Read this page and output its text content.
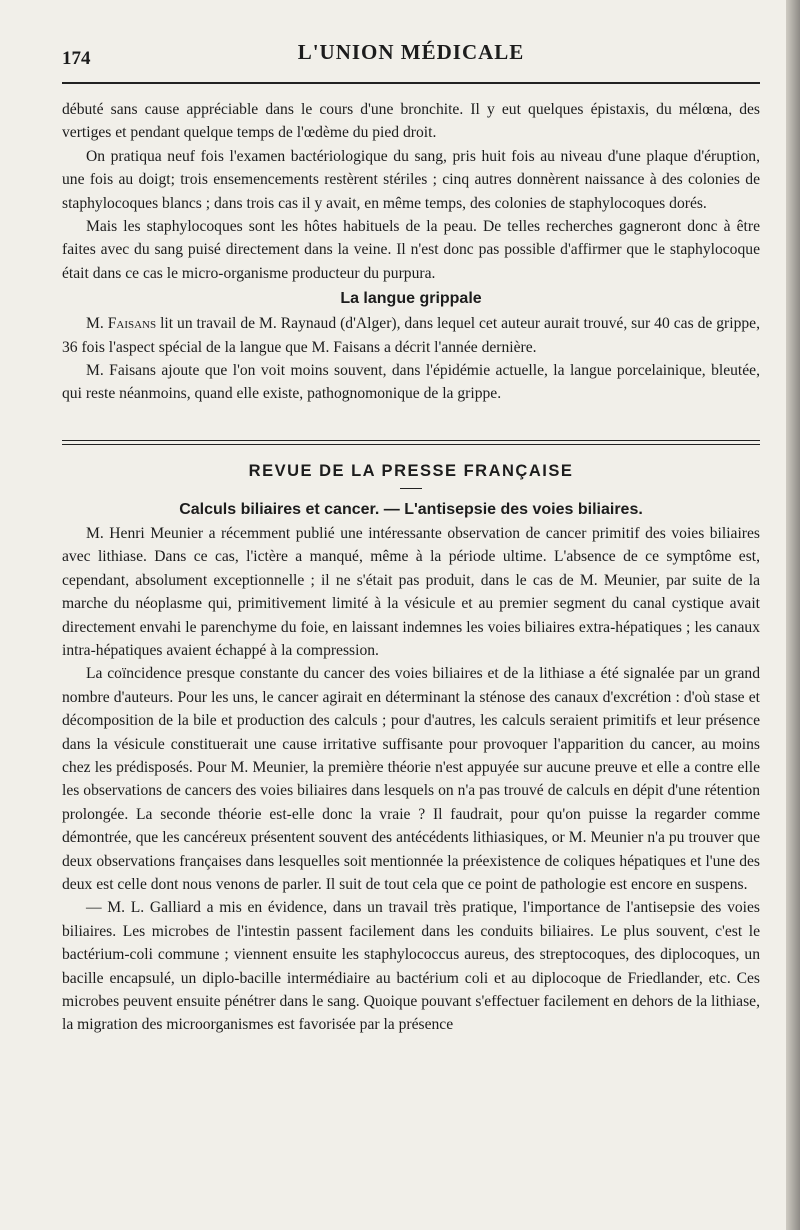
174	L'UNION MÉDICALE

débuté sans cause appréciable dans le cours d'une bronchite. Il y eut quelques épistaxis, du mélœna, des vertiges et pendant quelque temps de l'œdème du pied droit.

On pratiqua neuf fois l'examen bactériologique du sang, pris huit fois au niveau d'une plaque d'éruption, une fois au doigt; trois ensemencements restèrent stériles ; cinq autres donnèrent naissance à des colonies de staphylocoques blancs ; dans trois cas il y avait, en même temps, des colonies de staphylocoques dorés.

Mais les staphylocoques sont les hôtes habituels de la peau. De telles recherches gagneront donc à être faites avec du sang puisé directement dans la veine. Il n'est donc pas possible d'affirmer que le staphylocoque était dans ce cas le micro-organisme producteur du purpura.

La langue grippale

M. Faisans lit un travail de M. Raynaud (d'Alger), dans lequel cet auteur aurait trouvé, sur 40 cas de grippe, 36 fois l'aspect spécial de la langue que M. Faisans a décrit l'année dernière.

M. Faisans ajoute que l'on voit moins souvent, dans l'épidémie actuelle, la langue porcelainique, bleutée, qui reste néanmoins, quand elle existe, pathognomonique de la grippe.

REVUE DE LA PRESSE FRANÇAISE
Calculs biliaires et cancer. — L'antisepsie des voies biliaires.

M. Henri Meunier a récemment publié une intéressante observation de cancer primitif des voies biliaires avec lithiase. Dans ce cas, l'ictère a manqué, même à la période ultime. L'absence de ce symptôme est, cependant, absolument exceptionnelle ; il ne s'était pas produit, dans le cas de M. Meunier, par suite de la marche du néoplasme qui, primitivement limité à la vésicule et au premier segment du canal cystique avait directement envahi le parenchyme du foie, en laissant indemnes les voies biliaires extra-hépatiques ; les canaux intra-hépatiques avaient échappé à la compression.

La coïncidence presque constante du cancer des voies biliaires et de la lithiase a été signalée par un grand nombre d'auteurs. Pour les uns, le cancer agirait en déterminant la sténose des canaux d'excrétion : d'où stase et décomposition de la bile et production des calculs ; pour d'autres, les calculs seraient primitifs et leur présence dans la vésicule constituerait une cause irritative suffisante pour provoquer l'apparition du cancer, au moins chez les prédisposés. Pour M. Meunier, la première théorie n'est appuyée sur aucune preuve et elle a contre elle les observations de cancers des voies biliaires dans lesquels on n'a pas trouvé de calculs en dépit d'une rétention prolongée. La seconde théorie est-elle donc la vraie ? Il faudrait, pour qu'on puisse la regarder comme démontrée, que les cancéreux présentent souvent des antécédents lithiasiques, or M. Meunier n'a pu trouver que deux observations françaises dans lesquelles soit mentionnée la préexistence de coliques hépatiques et l'une des deux est celle dont nous venons de parler. Il suit de tout cela que ce point de pathologie est encore en suspens.

— M. L. Galliard a mis en évidence, dans un travail très pratique, l'importance de l'antisepsie des voies biliaires. Les microbes de l'intestin passent facilement dans les conduits biliaires. Le plus souvent, c'est le bactérium-coli commune ; viennent ensuite les staphylococcus aureus, des streptocoques, des diplocoques, un bacille encapsulé, un diplo-bacille intermédiaire au bactérium coli et au diplocoque de Friedlander, etc. Ces microbes peuvent ensuite pénétrer dans le sang. Quoique pouvant s'effectuer facilement en dehors de la lithiase, la migration des microorganismes est favorisée par la présence
